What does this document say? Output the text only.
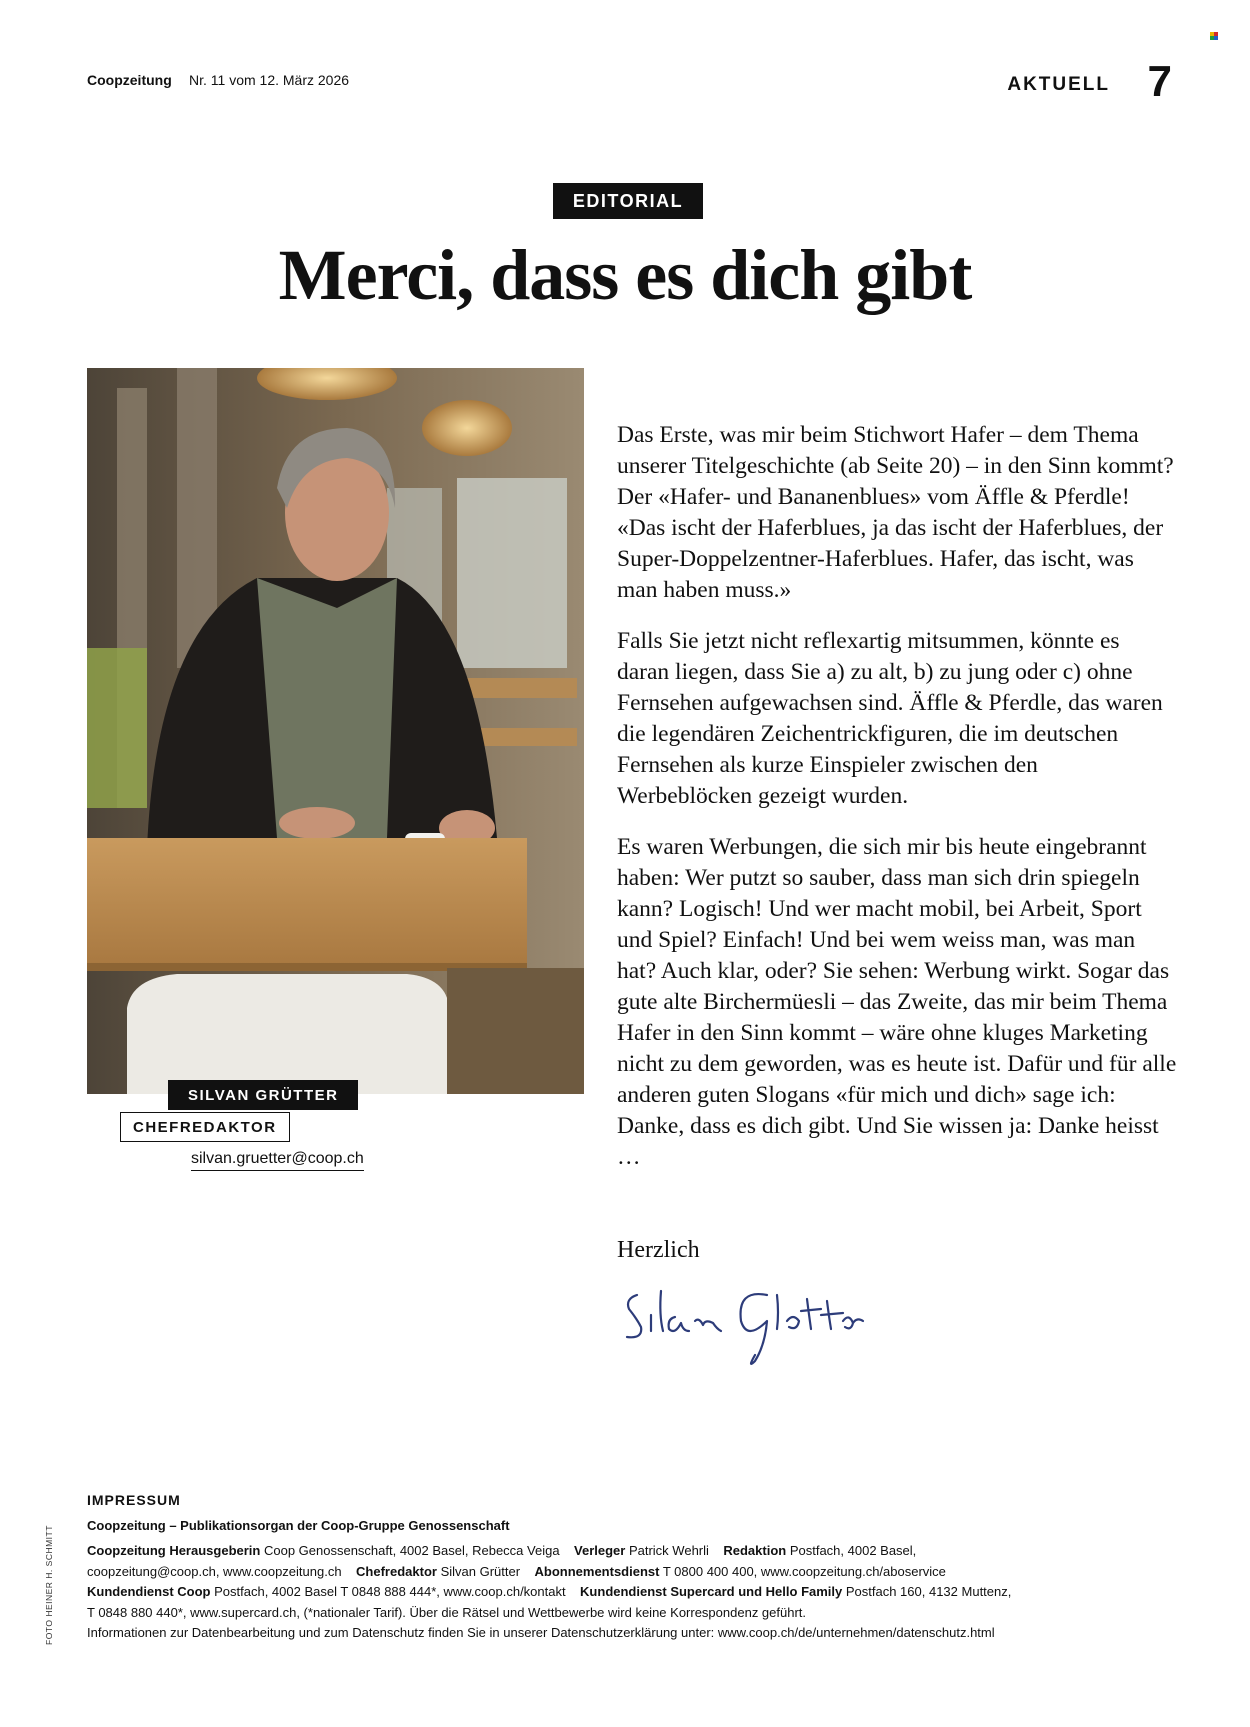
Coopzeitung Nr. 11 vom 12. März 2026	AKTUELL 7
EDITORIAL
Merci, dass es dich gibt
SILVAN GRÜTTER
CHEFREDAKTOR
silvan.gruetter@coop.ch

Das Erste, was mir beim Stichwort Hafer – dem Thema unserer Titelgeschichte (ab Seite 20) – in den Sinn kommt? Der «Hafer- und Bananenblues» vom Äffle & Pferdle! «Das ischt der Haferblues, ja das ischt der Haferblues, der Super-Doppelzentner-Haferblues. Hafer, das ischt, was man haben muss.»

Falls Sie jetzt nicht reflexartig mitsummen, könnte es daran liegen, dass Sie a) zu alt, b) zu jung oder c) ohne Fernsehen aufgewachsen sind. Äffle & Pferdle, das waren die legendären Zeichentrickfiguren, die im deutschen Fernsehen als kurze Einspieler zwischen den Werbeblöcken gezeigt wurden.

Es waren Werbungen, die sich mir bis heute eingebrannt haben: Wer putzt so sauber, dass man sich drin spiegeln kann? Logisch! Und wer macht mobil, bei Arbeit, Sport und Spiel? Einfach! Und bei wem weiss man, was man hat? Auch klar, oder? Sie sehen: Werbung wirkt. Sogar das gute alte Birchermüesli – das Zweite, das mir beim Thema Hafer in den Sinn kommt – wäre ohne kluges Marketing nicht zu dem geworden, was es heute ist. Dafür und für alle anderen guten Slogans «für mich und dich» sage ich: Danke, dass es dich gibt. Und Sie wissen ja: Danke heisst …

Herzlich
IMPRESSUM
Coopzeitung – Publikationsorgan der Coop-Gruppe Genossenschaft
Coopzeitung Herausgeberin Coop Genossenschaft, 4002 Basel, Rebecca Veiga Verleger Patrick Wehrli Redaktion Postfach, 4002 Basel,
coopzeitung@coop.ch, www.coopzeitung.ch Chefredaktor Silvan Grütter Abonnementsdienst T 0800 400 400, www.coopzeitung.ch/aboservice
Kundendienst Coop Postfach, 4002 Basel T 0848 888 444*, www.coop.ch/kontakt Kundendienst Supercard und Hello Family Postfach 160, 4132 Muttenz,
T 0848 880 440*, www.supercard.ch, (*nationaler Tarif). Über die Rätsel und Wettbewerbe wird keine Korrespondenz geführt.
Informationen zur Datenbearbeitung und zum Datenschutz finden Sie in unserer Datenschutzerklärung unter: www.coop.ch/de/unternehmen/datenschutz.html
FOTO HEINER H. SCHMITT
